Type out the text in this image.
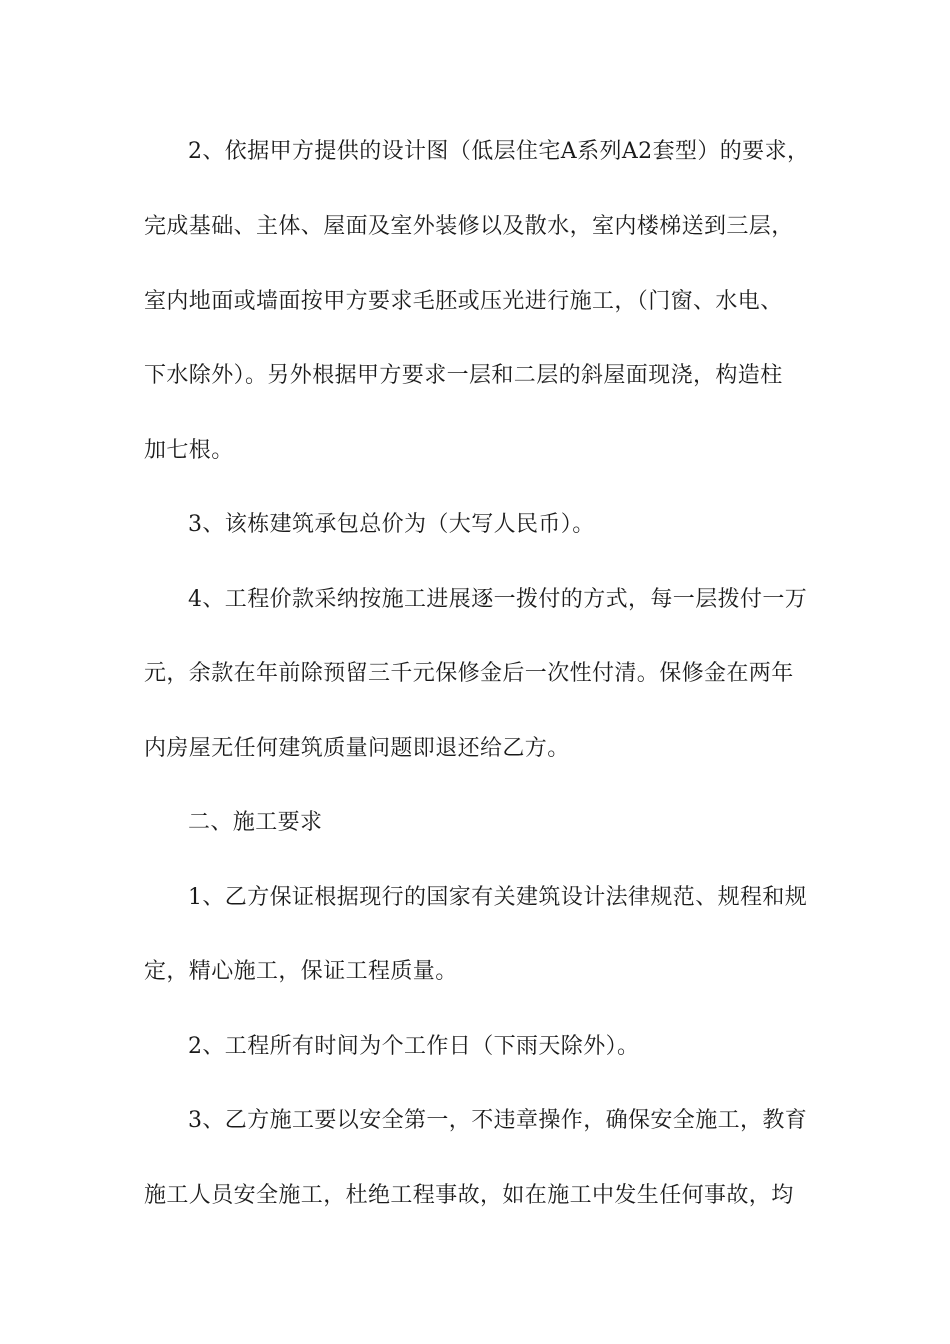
2、依据甲方提供的设计图（低层住宅A系列A2套型）的要求，
完成基础、主体、屋面及室外装修以及散水，室内楼梯送到三层，
室内地面或墙面按甲方要求毛胚或压光进行施工，（门窗、水电、
下水除外）。另外根据甲方要求一层和二层的斜屋面现浇，构造柱
加七根。
3、该栋建筑承包总价为（大写人民币）。
4、工程价款采纳按施工进展逐一拨付的方式，每一层拨付一万
元，余款在年前除预留三千元保修金后一次性付清。保修金在两年
内房屋无任何建筑质量问题即退还给乙方。
二、施工要求
1、乙方保证根据现行的国家有关建筑设计法律规范、规程和规
定，精心施工，保证工程质量。
2、工程所有时间为个工作日（下雨天除外）。
3、乙方施工要以安全第一，不违章操作，确保安全施工，教育
施工人员安全施工，杜绝工程事故，如在施工中发生任何事故，均
